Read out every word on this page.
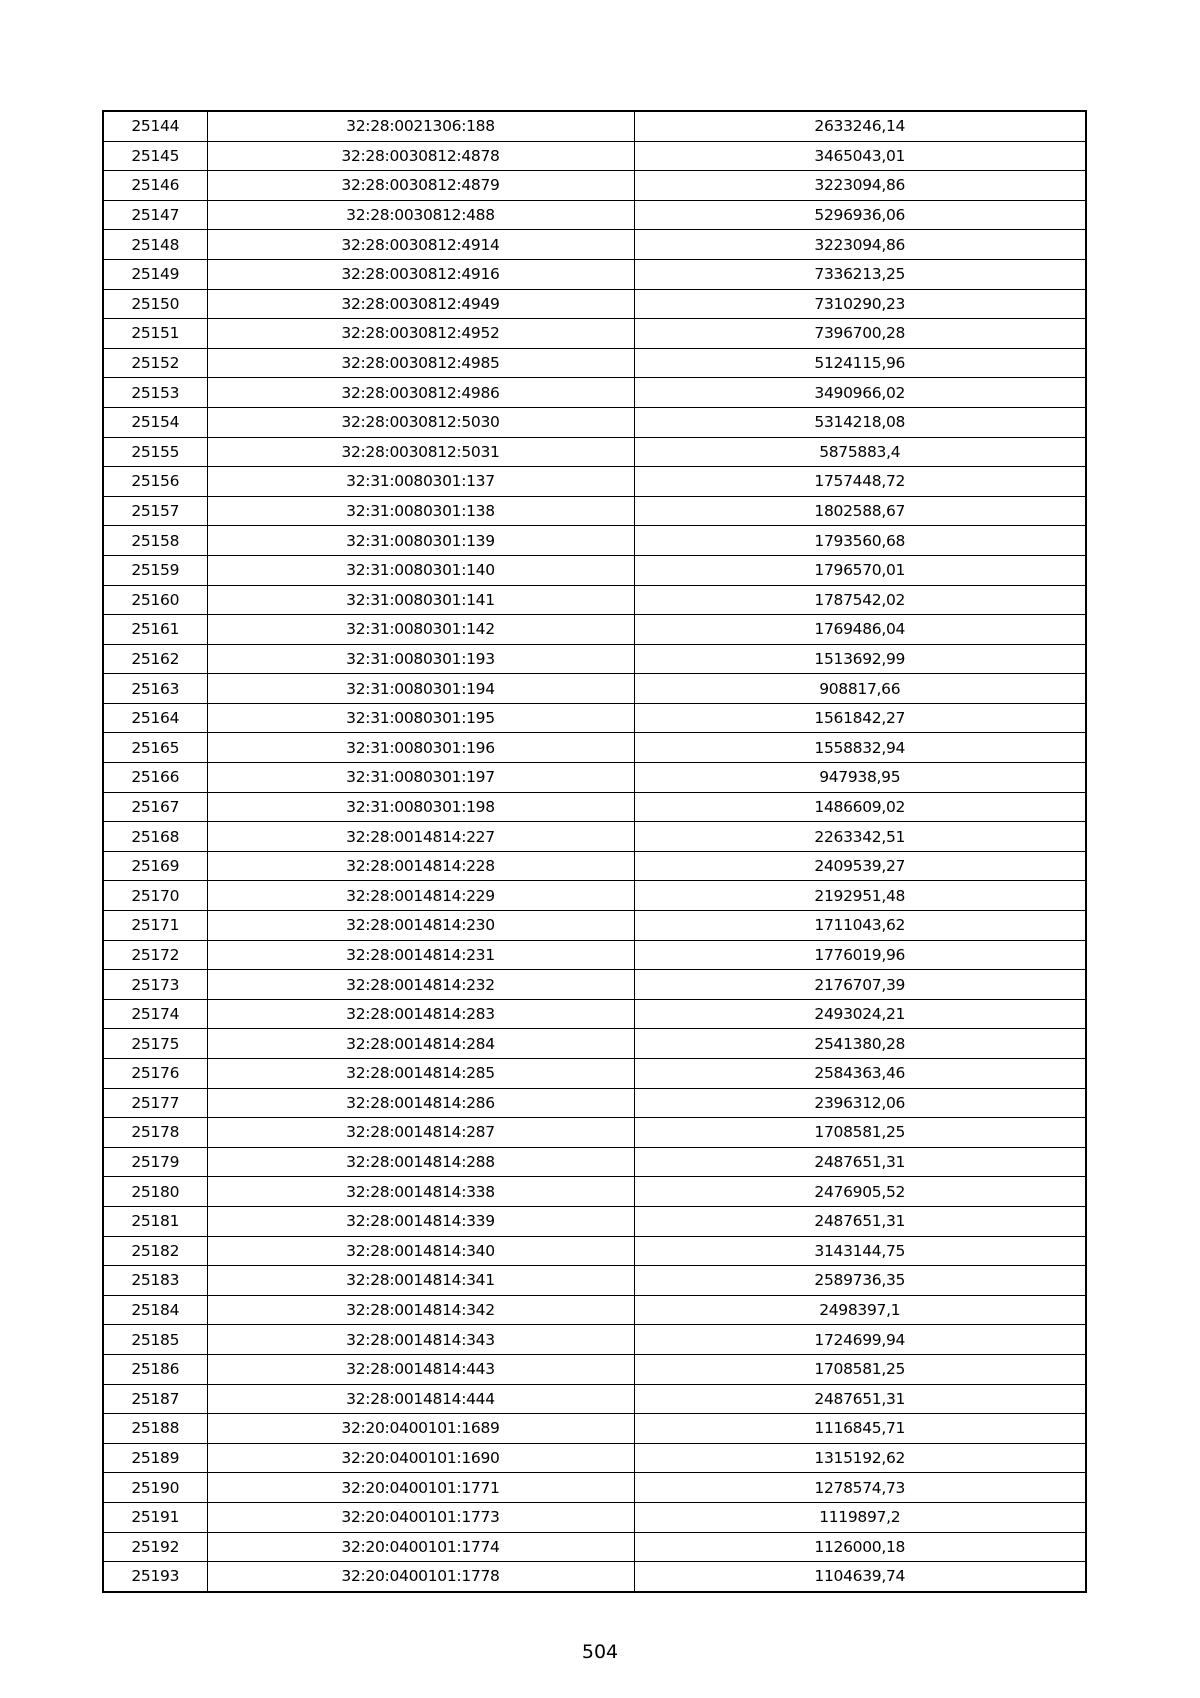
25144	32:28:0021306:188	2633246,14
25145	32:28:0030812:4878	3465043,01
25146	32:28:0030812:4879	3223094,86
25147	32:28:0030812:488	5296936,06
25148	32:28:0030812:4914	3223094,86
25149	32:28:0030812:4916	7336213,25
25150	32:28:0030812:4949	7310290,23
25151	32:28:0030812:4952	7396700,28
25152	32:28:0030812:4985	5124115,96
25153	32:28:0030812:4986	3490966,02
25154	32:28:0030812:5030	5314218,08
25155	32:28:0030812:5031	5875883,4
25156	32:31:0080301:137	1757448,72
25157	32:31:0080301:138	1802588,67
25158	32:31:0080301:139	1793560,68
25159	32:31:0080301:140	1796570,01
25160	32:31:0080301:141	1787542,02
25161	32:31:0080301:142	1769486,04
25162	32:31:0080301:193	1513692,99
25163	32:31:0080301:194	908817,66
25164	32:31:0080301:195	1561842,27
25165	32:31:0080301:196	1558832,94
25166	32:31:0080301:197	947938,95
25167	32:31:0080301:198	1486609,02
25168	32:28:0014814:227	2263342,51
25169	32:28:0014814:228	2409539,27
25170	32:28:0014814:229	2192951,48
25171	32:28:0014814:230	1711043,62
25172	32:28:0014814:231	1776019,96
25173	32:28:0014814:232	2176707,39
25174	32:28:0014814:283	2493024,21
25175	32:28:0014814:284	2541380,28
25176	32:28:0014814:285	2584363,46
25177	32:28:0014814:286	2396312,06
25178	32:28:0014814:287	1708581,25
25179	32:28:0014814:288	2487651,31
25180	32:28:0014814:338	2476905,52
25181	32:28:0014814:339	2487651,31
25182	32:28:0014814:340	3143144,75
25183	32:28:0014814:341	2589736,35
25184	32:28:0014814:342	2498397,1
25185	32:28:0014814:343	1724699,94
25186	32:28:0014814:443	1708581,25
25187	32:28:0014814:444	2487651,31
25188	32:20:0400101:1689	1116845,71
25189	32:20:0400101:1690	1315192,62
25190	32:20:0400101:1771	1278574,73
25191	32:20:0400101:1773	1119897,2
25192	32:20:0400101:1774	1126000,18
25193	32:20:0400101:1778	1104639,74
504
